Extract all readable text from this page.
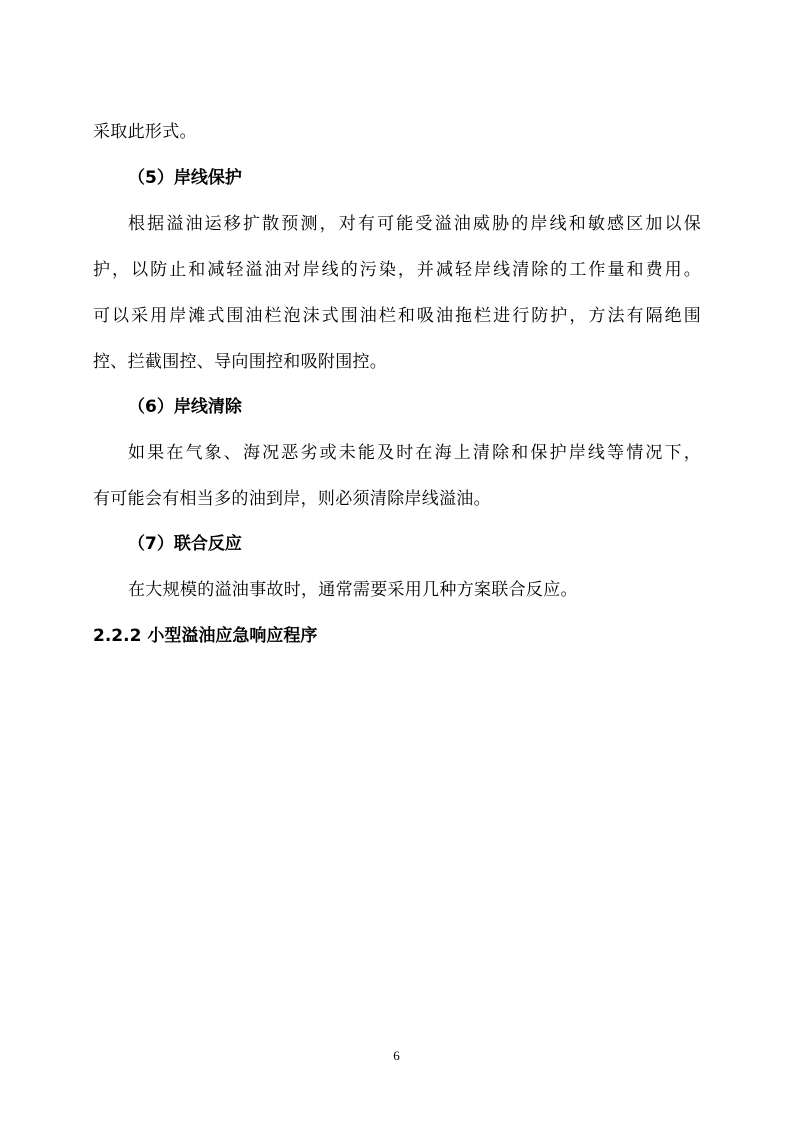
采取此形式。
（5）岸线保护
根据溢油运移扩散预测，对有可能受溢油威胁的岸线和敏感区加以保
护，以防止和减轻溢油对岸线的污染，并减轻岸线清除的工作量和费用。
可以采用岸滩式围油栏泡沫式围油栏和吸油拖栏进行防护，方法有隔绝围
控、拦截围控、导向围控和吸附围控。
（6）岸线清除
如果在气象、海况恶劣或未能及时在海上清除和保护岸线等情况下，
有可能会有相当多的油到岸，则必须清除岸线溢油。
（7）联合反应
在大规模的溢油事故时，通常需要采用几种方案联合反应。
2.2.2 小型溢油应急响应程序
6
